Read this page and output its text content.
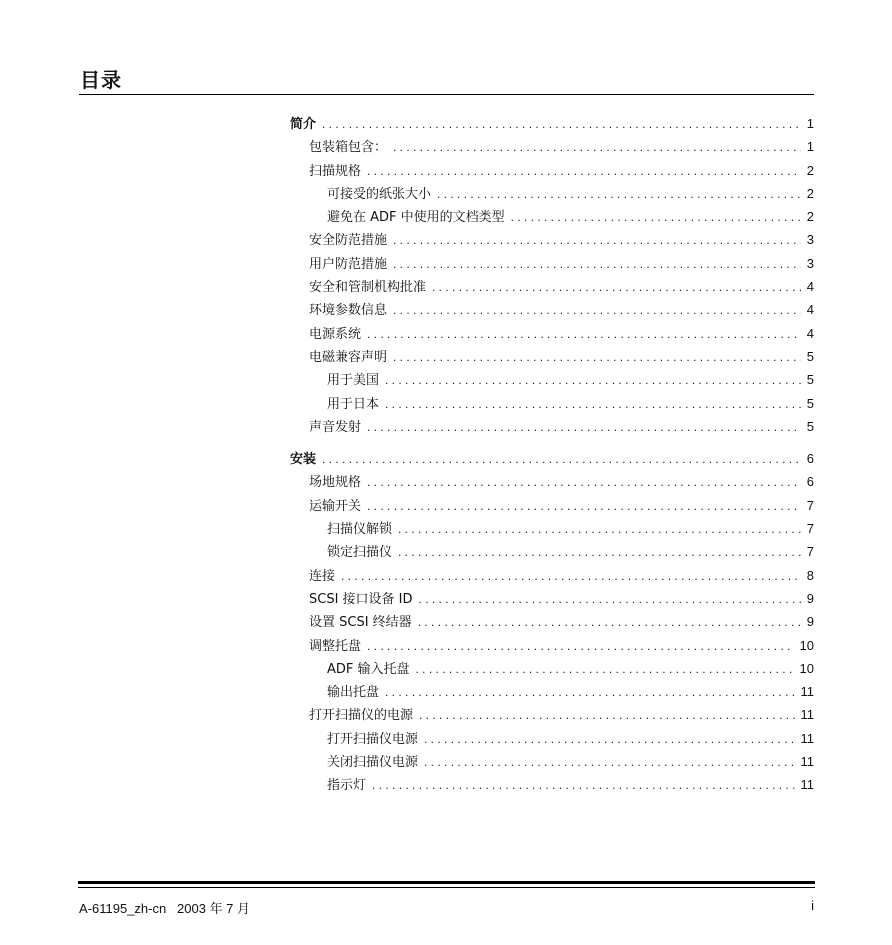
目录
简介 . . .	1
包装箱包含： . . .	1
扫描规格 . . .	2
可接受的纸张大小 . . .	2
避免在 ADF 中使用的文档类型 . . .	2
安全防范措施 . . .	3
用户防范措施 . . .	3
安全和管制机构批准 . . .	4
环境参数信息 . . .	4
电源系统 . . .	4
电磁兼容声明 . . .	5
用于美国 . . .	5
用于日本 . . .	5
声音发射 . . .	5
安装 . . .	6
场地规格 . . .	6
运输开关 . . .	7
扫描仪解锁 . . .	7
锁定扫描仪 . . .	7
连接 . . .	8
SCSI 接口设备 ID . . .	9
设置 SCSI 终结器 . . .	9
调整托盘 . . .	10
ADF 输入托盘 . . .	10
输出托盘 . . .	11
打开扫描仪的电源 . . .	11
打开扫描仪电源 . . .	11
关闭扫描仪电源 . . .	11
指示灯 . . .	11
A-61195_zh-cn   2003 年 7 月	i
